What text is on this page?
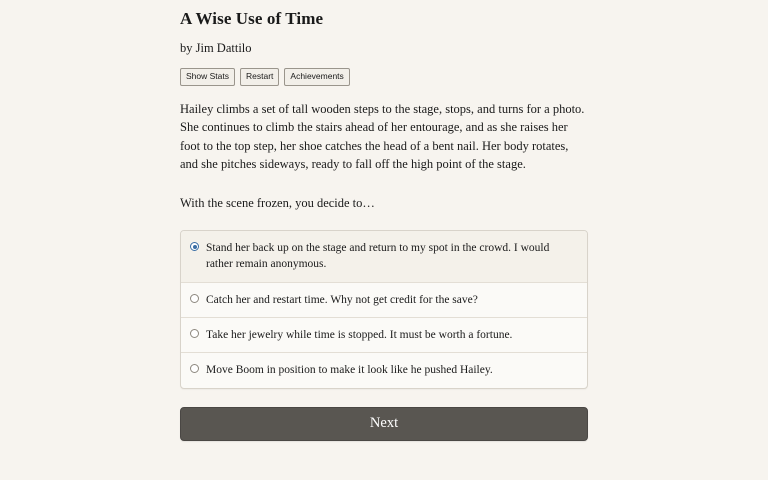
A Wise Use of Time
by Jim Dattilo
Show Stats	Restart	Achievements

Hailey climbs a set of tall wooden steps to the stage, stops, and turns for a photo. She continues to climb the stairs ahead of her entourage, and as she raises her foot to the top step, her shoe catches the head of a bent nail. Her body rotates, and she pitches sideways, ready to fall off the high point of the stage.

With the scene frozen, you decide to…

Stand her back up on the stage and return to my spot in the crowd. I would rather remain anonymous.
Catch her and restart time. Why not get credit for the save?
Take her jewelry while time is stopped. It must be worth a fortune.
Move Boom in position to make it look like he pushed Hailey.
Next
